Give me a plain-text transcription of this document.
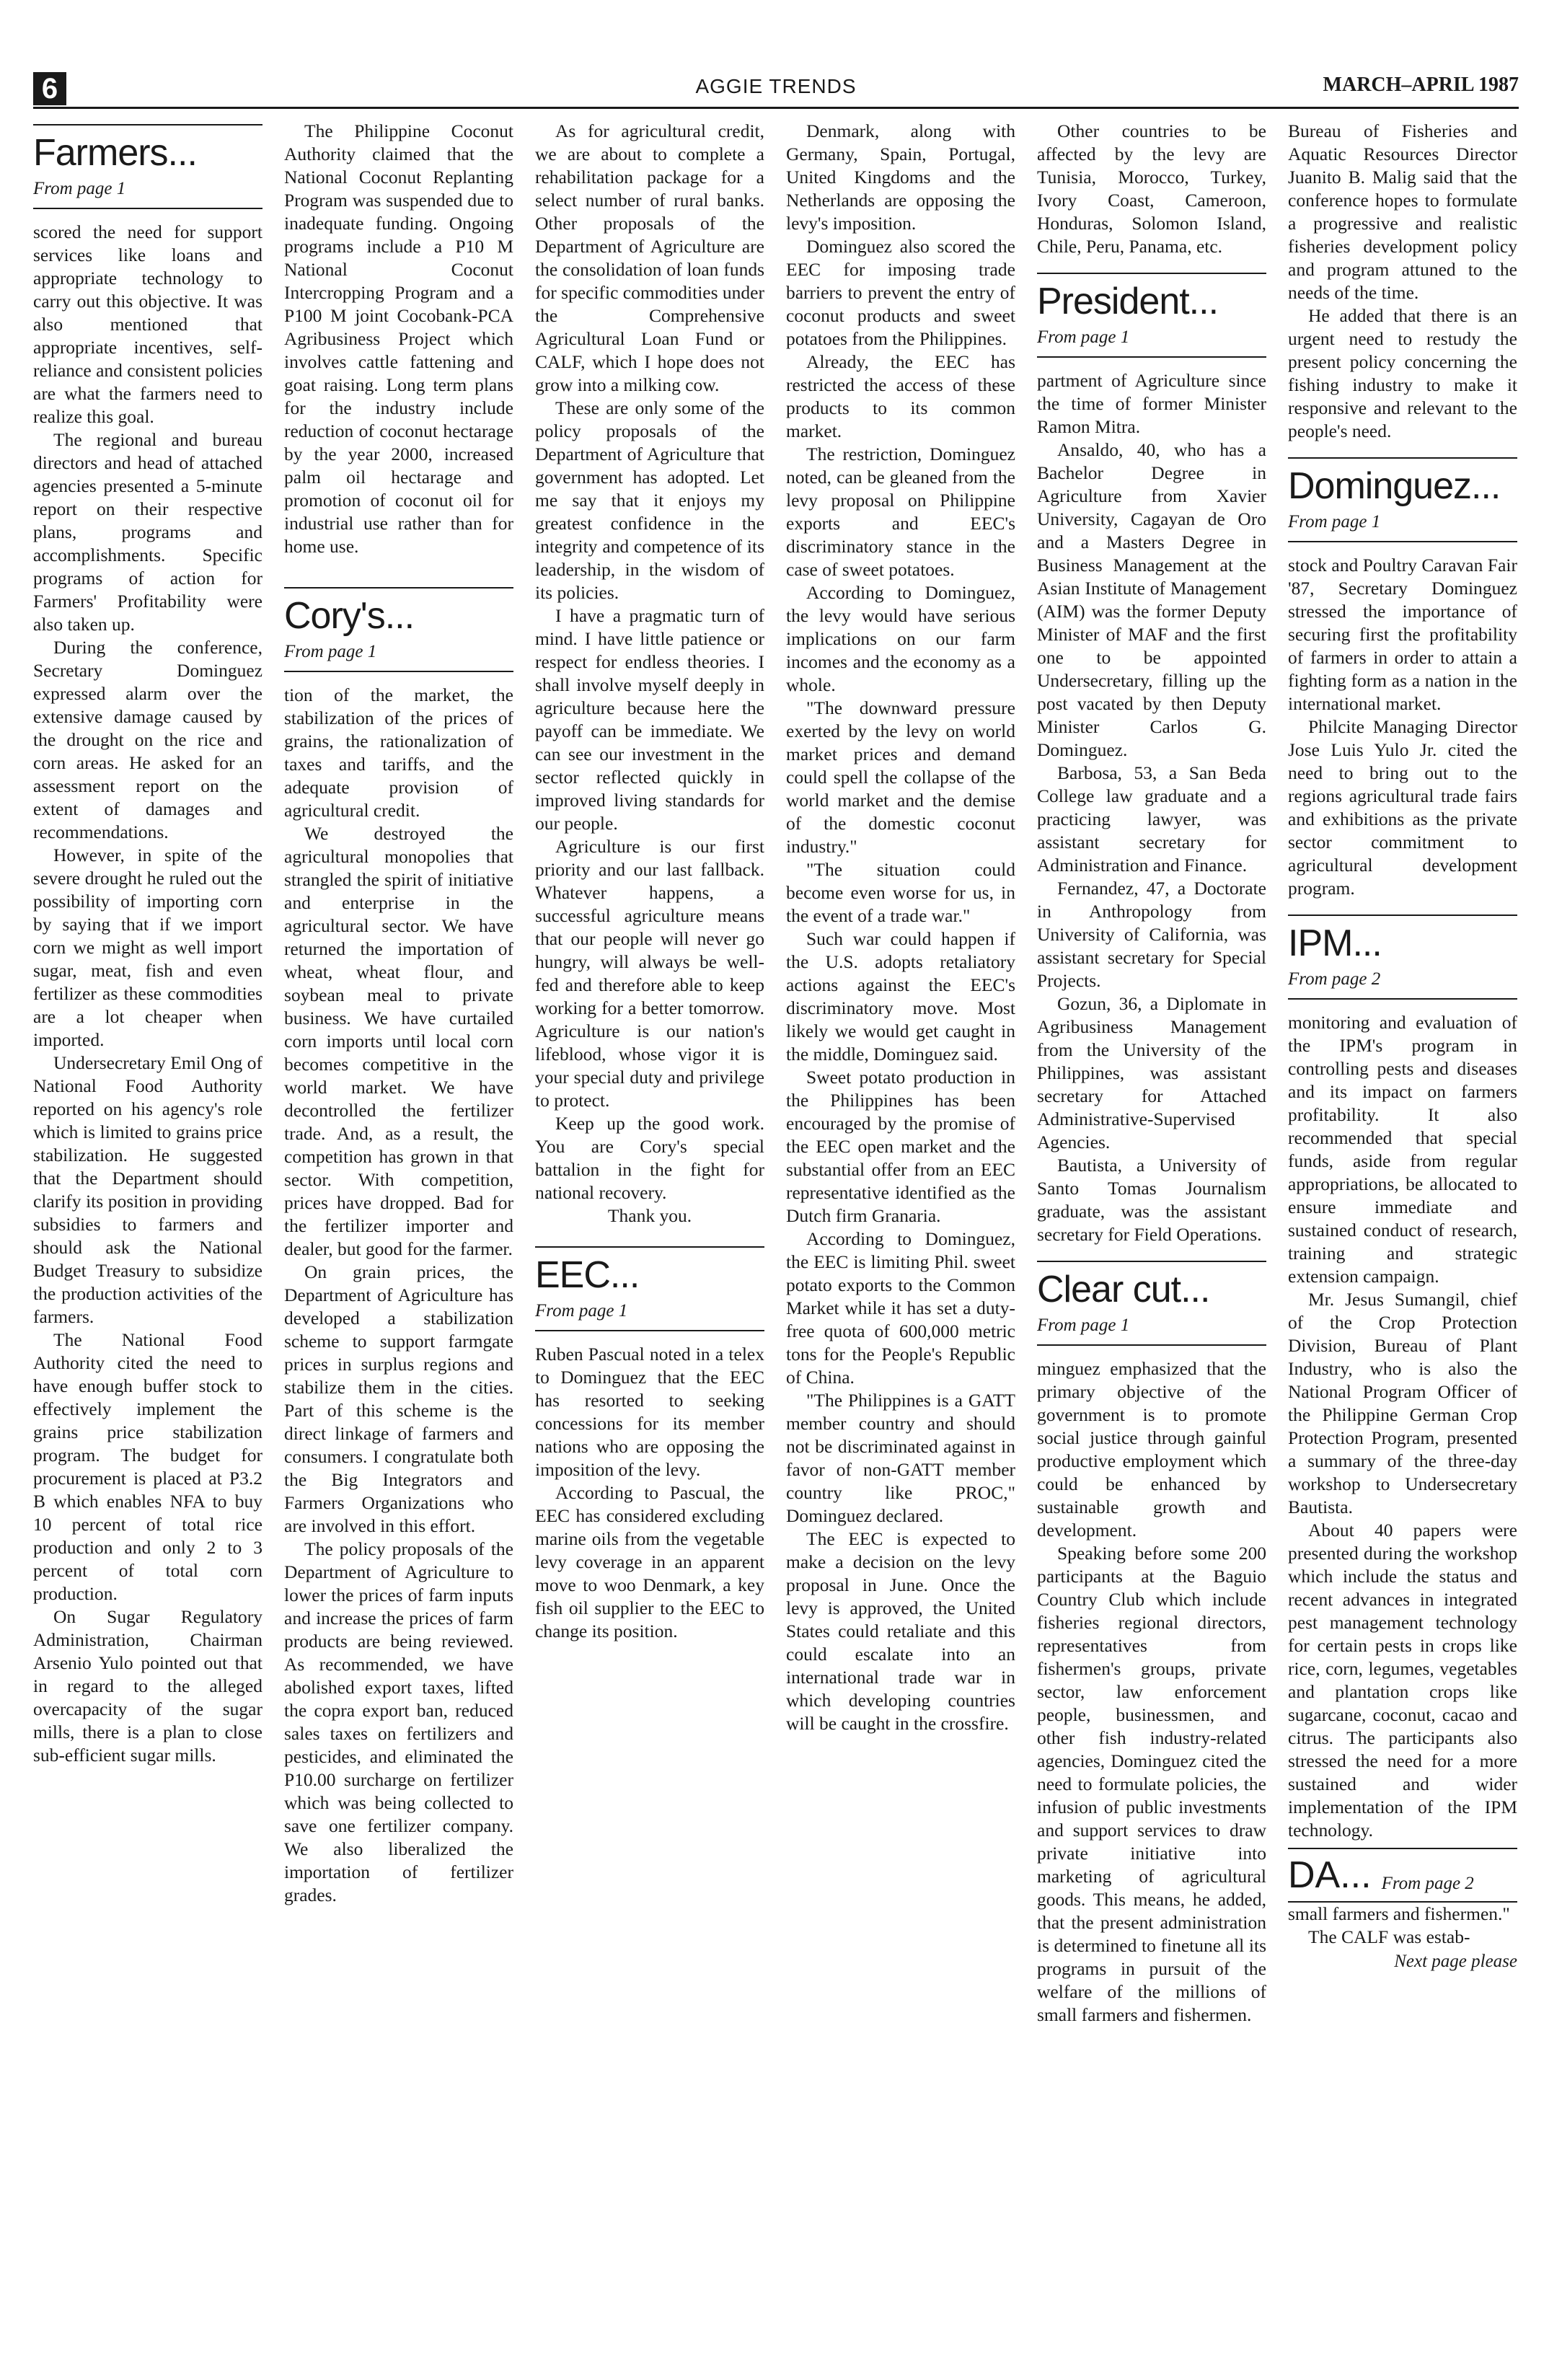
6	AGGIE TRENDS	MARCH–APRIL 1987
Farmers...
From page 1

scored the need for support services like loans and appropriate technology to carry out this objective. It was also mentioned that appropriate incentives, self-reliance and consistent policies are what the farmers need to realize this goal.

The regional and bureau directors and head of attached agencies presented a 5-minute report on their respective plans, programs and accomplishments. Specific programs of action for Farmers' Profitability were also taken up.

During the conference, Secretary Dominguez expressed alarm over the extensive damage caused by the drought on the rice and corn areas. He asked for an assessment report on the extent of damages and recommendations.

However, in spite of the severe drought he ruled out the possibility of importing corn by saying that if we import corn we might as well import sugar, meat, fish and even fertilizer as these commodities are a lot cheaper when imported.

Undersecretary Emil Ong of National Food Authority reported on his agency's role which is limited to grains price stabilization. He suggested that the Department should clarify its position in providing subsidies to farmers and should ask the National Budget Treasury to subsidize the production activities of the farmers.

The National Food Authority cited the need to have enough buffer stock to effectively implement the grains price stabilization program. The budget for procurement is placed at P3.2 B which enables NFA to buy 10 percent of total rice production and only 2 to 3 percent of total corn production.

On Sugar Regulatory Administration, Chairman Arsenio Yulo pointed out that in regard to the alleged overcapacity of the sugar mills, there is a plan to close sub-efficient sugar mills.

The Philippine Coconut Authority claimed that the National Coconut Replanting Program was suspended due to inadequate funding. Ongoing programs include a P10 M National Coconut Intercropping Program and a P100 M joint Cocobank-PCA Agribusiness Project which involves cattle fattening and goat raising. Long term plans for the industry include reduction of coconut hectarage by the year 2000, increased palm oil hectarage and promotion of coconut oil for industrial use rather than for home use.

Cory's...
From page 1

tion of the market, the stabilization of the prices of grains, the rationalization of taxes and tariffs, and the adequate provision of agricultural credit.

We destroyed the agricultural monopolies that strangled the spirit of initiative and enterprise in the agricultural sector. We have returned the importation of wheat, wheat flour, and soybean meal to private business. We have curtailed corn imports until local corn becomes competitive in the world market. We have decontrolled the fertilizer trade. And, as a result, the competition has grown in that sector. With competition, prices have dropped. Bad for the fertilizer importer and dealer, but good for the farmer.

On grain prices, the Department of Agriculture has developed a stabilization scheme to support farmgate prices in surplus regions and stabilize them in the cities. Part of this scheme is the direct linkage of farmers and consumers. I congratulate both the Big Integrators and Farmers Organizations who are involved in this effort.

The policy proposals of the Department of Agriculture to lower the prices of farm inputs and increase the prices of farm products are being reviewed. As recommended, we have abolished export taxes, lifted the copra export ban, reduced sales taxes on fertilizers and pesticides, and eliminated the P10.00 surcharge on fertilizer which was being collected to save one fertilizer company. We also liberalized the importation of fertilizer grades.

As for agricultural credit, we are about to complete a rehabilitation package for a select number of rural banks. Other proposals of the Department of Agriculture are the consolidation of loan funds for specific commodities under the Comprehensive Agricultural Loan Fund or CALF, which I hope does not grow into a milking cow.

These are only some of the policy proposals of the Department of Agriculture that government has adopted. Let me say that it enjoys my greatest confidence in the integrity and competence of its leadership, in the wisdom of its policies.

I have a pragmatic turn of mind. I have little patience or respect for endless theories. I shall involve myself deeply in agriculture because here the payoff can be immediate. We can see our investment in the sector reflected quickly in improved living standards for our people.

Agriculture is our first priority and our last fallback. Whatever happens, a successful agriculture means that our people will never go hungry, will always be well-fed and therefore able to keep working for a better tomorrow. Agriculture is our nation's lifeblood, whose vigor it is your special duty and privilege to protect.

Keep up the good work. You are Cory's special battalion in the fight for national recovery.

Thank you.

EEC...
From page 1

Ruben Pascual noted in a telex to Dominguez that the EEC has resorted to seeking concessions for its member nations who are opposing the imposition of the levy.

According to Pascual, the EEC has considered excluding marine oils from the vegetable levy coverage in an apparent move to woo Denmark, a key fish oil supplier to the EEC to change its position.

Denmark, along with Germany, Spain, Portugal, United Kingdoms and the Netherlands are opposing the levy's imposition.

Dominguez also scored the EEC for imposing trade barriers to prevent the entry of coconut products and sweet potatoes from the Philippines.

Already, the EEC has restricted the access of these products to its common market.

The restriction, Dominguez noted, can be gleaned from the levy proposal on Philippine exports and EEC's discriminatory stance in the case of sweet potatoes.

According to Dominguez, the levy would have serious implications on our farm incomes and the economy as a whole.

"The downward pressure exerted by the levy on world market prices and demand could spell the collapse of the world market and the demise of the domestic coconut industry."

"The situation could become even worse for us, in the event of a trade war."

Such war could happen if the U.S. adopts retaliatory actions against the EEC's discriminatory move. Most likely we would get caught in the middle, Dominguez said.

Sweet potato production in the Philippines has been encouraged by the promise of the EEC open market and the substantial offer from an EEC representative identified as the Dutch firm Granaria.

According to Dominguez, the EEC is limiting Phil. sweet potato exports to the Common Market while it has set a duty-free quota of 600,000 metric tons for the People's Republic of China.

"The Philippines is a GATT member country and should not be discriminated against in favor of non-GATT member country like PROC," Dominguez declared.

The EEC is expected to make a decision on the levy proposal in June. Once the levy is approved, the United States could retaliate and this could escalate into an international trade war in which developing countries will be caught in the crossfire.

Other countries to be affected by the levy are Tunisia, Morocco, Turkey, Ivory Coast, Cameroon, Honduras, Solomon Island, Chile, Peru, Panama, etc.

President...
From page 1

partment of Agriculture since the time of former Minister Ramon Mitra.

Ansaldo, 40, who has a Bachelor Degree in Agriculture from Xavier University, Cagayan de Oro and a Masters Degree in Business Management at the Asian Institute of Management (AIM) was the former Deputy Minister of MAF and the first one to be appointed Undersecretary, filling up the post vacated by then Deputy Minister Carlos G. Dominguez.

Barbosa, 53, a San Beda College law graduate and a practicing lawyer, was assistant secretary for Administration and Finance.

Fernandez, 47, a Doctorate in Anthropology from University of California, was assistant secretary for Special Projects.

Gozun, 36, a Diplomate in Agribusiness Management from the University of the Philippines, was assistant secretary for Attached Administrative-Supervised Agencies.

Bautista, a University of Santo Tomas Journalism graduate, was the assistant secretary for Field Operations.

Clear cut...
From page 1

minguez emphasized that the primary objective of the government is to promote social justice through gainful productive employment which could be enhanced by sustainable growth and development.

Speaking before some 200 participants at the Baguio Country Club which include fisheries regional directors, representatives from fishermen's groups, private sector, law enforcement people, businessmen, and other fish industry-related agencies, Dominguez cited the need to formulate policies, the infusion of public investments and support services to draw private initiative into marketing of agricultural goods. This means, he added, that the present administration is determined to finetune all its programs in pursuit of the welfare of the millions of small farmers and fishermen.

Bureau of Fisheries and Aquatic Resources Director Juanito B. Malig said that the conference hopes to formulate a progressive and realistic fisheries development policy and program attuned to the needs of the time.

He added that there is an urgent need to restudy the present policy concerning the fishing industry to make it responsive and relevant to the people's need.

Dominguez...
From page 1

stock and Poultry Caravan Fair '87, Secretary Dominguez stressed the importance of securing first the profitability of farmers in order to attain a fighting form as a nation in the international market.

Philcite Managing Director Jose Luis Yulo Jr. cited the need to bring out to the regions agricultural trade fairs and exhibitions as the private sector commitment to agricultural development program.

IPM...
From page 2

monitoring and evaluation of the IPM's program in controlling pests and diseases and its impact on farmers profitability. It also recommended that special funds, aside from regular appropriations, be allocated to ensure immediate and sustained conduct of research, training and strategic extension campaign.

Mr. Jesus Sumangil, chief of the Crop Protection Division, Bureau of Plant Industry, who is also the National Program Officer of the Philippine German Crop Protection Program, presented a summary of the three-day workshop to Undersecretary Bautista.

About 40 papers were presented during the workshop which include the status and recent advances in integrated pest management technology for certain pests in crops like rice, corn, legumes, vegetables and plantation crops like sugarcane, coconut, cacao and citrus. The participants also stressed the need for a more sustained and wider implementation of the IPM technology.

DA... From page 2

small farmers and fishermen."

The CALF was estab-

Next page please
